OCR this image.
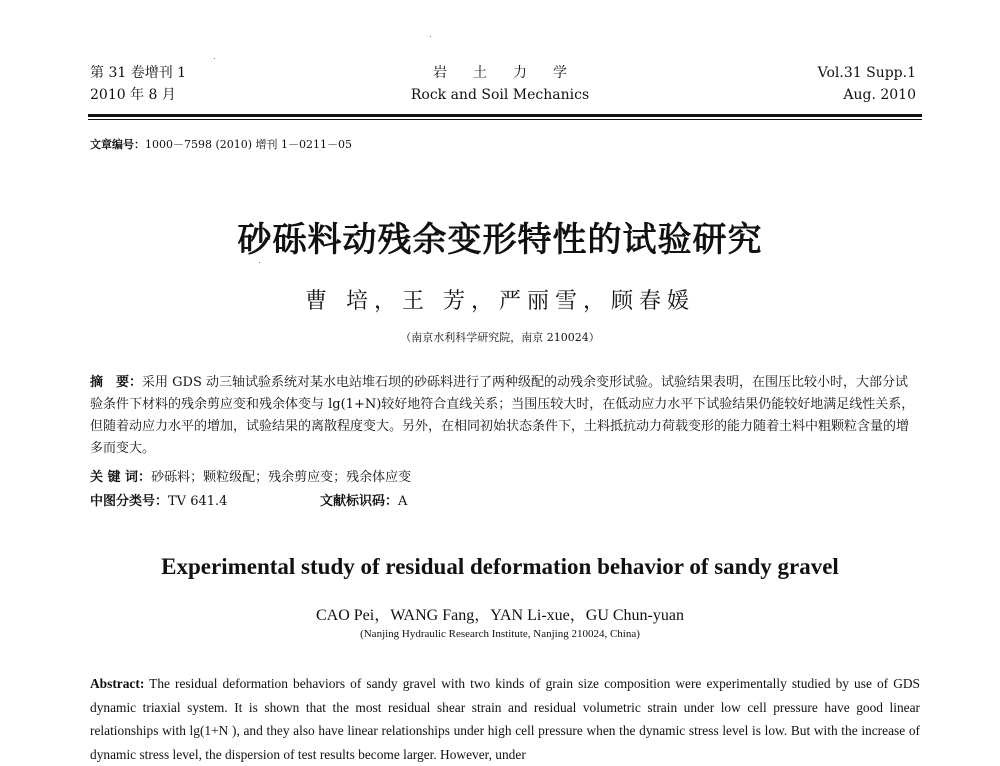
第 31 卷增刊 1
2010 年 8 月
岩土力学
Rock and Soil Mechanics
Vol.31 Supp.1
Aug. 2010
文章编号：1000－7598 (2010) 增刊 1－0211－05
砂砾料动残余变形特性的试验研究
曹 培，王 芳，严丽雪，顾春媛
（南京水利科学研究院，南京 210024）
摘　要：采用 GDS 动三轴试验系统对某水电站堆石坝的砂砾料进行了两种级配的动残余变形试验。试验结果表明，在围压比较小时，大部分试验条件下材料的残余剪应变和残余体变与 lg(1+N)较好地符合直线关系；当围压较大时，在低动应力水平下试验结果仍能较好地满足线性关系，但随着动应力水平的增加，试验结果的离散程度变大。另外，在相同初始状态条件下，土料抵抗动力荷载变形的能力随着土料中粗颗粒含量的增多而变大。
关 键 词：砂砾料；颗粒级配；残余剪应变；残余体应变
中图分类号：TV 641.4	文献标识码：A
Experimental study of residual deformation behavior of sandy gravel
CAO Pei，WANG Fang，YAN Li-xue，GU Chun-yuan
(Nanjing Hydraulic Research Institute, Nanjing 210024, China)
Abstract: The residual deformation behaviors of sandy gravel with two kinds of grain size composition were experimentally studied by use of GDS dynamic triaxial system. It is shown that the most residual shear strain and residual volumetric strain under low cell pressure have good linear relationships with lg(1+N ), and they also have linear relationships under high cell pressure when the dynamic stress level is low. But with the increase of dynamic stress level, the dispersion of test results become larger. However, under
